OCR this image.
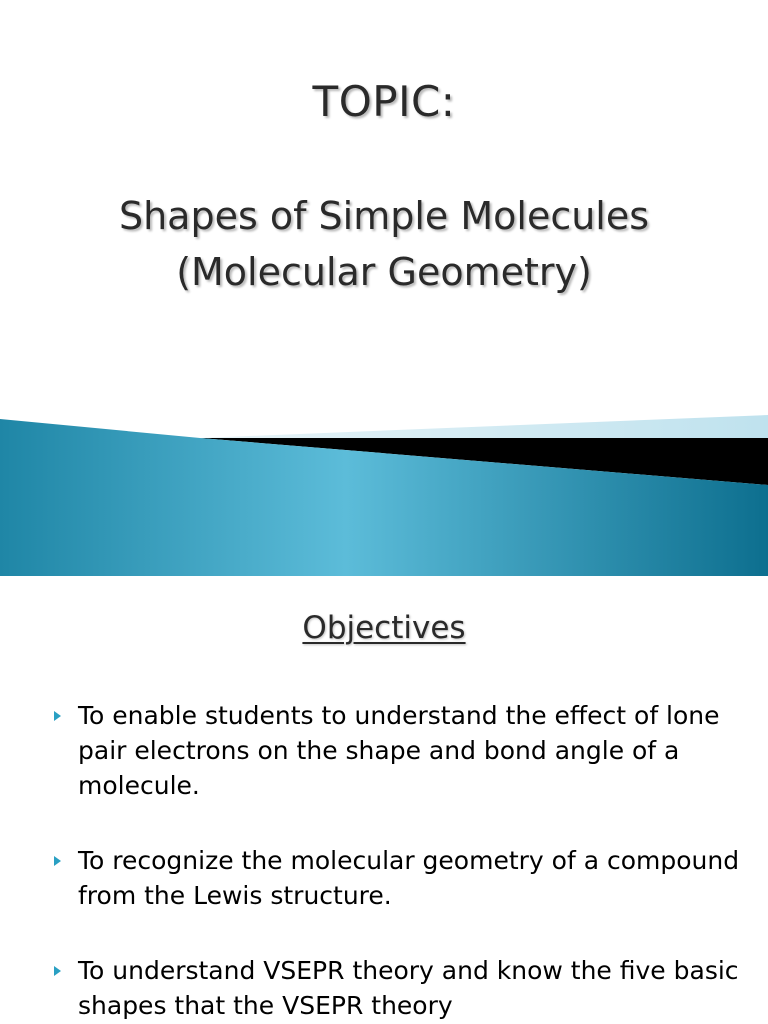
TOPIC:
Shapes of Simple Molecules
(Molecular Geometry)
Objectives
To enable students to understand the effect of lone pair electrons on the shape and bond angle of a molecule.
To recognize the molecular geometry of a compound from the Lewis structure.
To understand VSEPR theory and know the five basic shapes that the VSEPR theory
